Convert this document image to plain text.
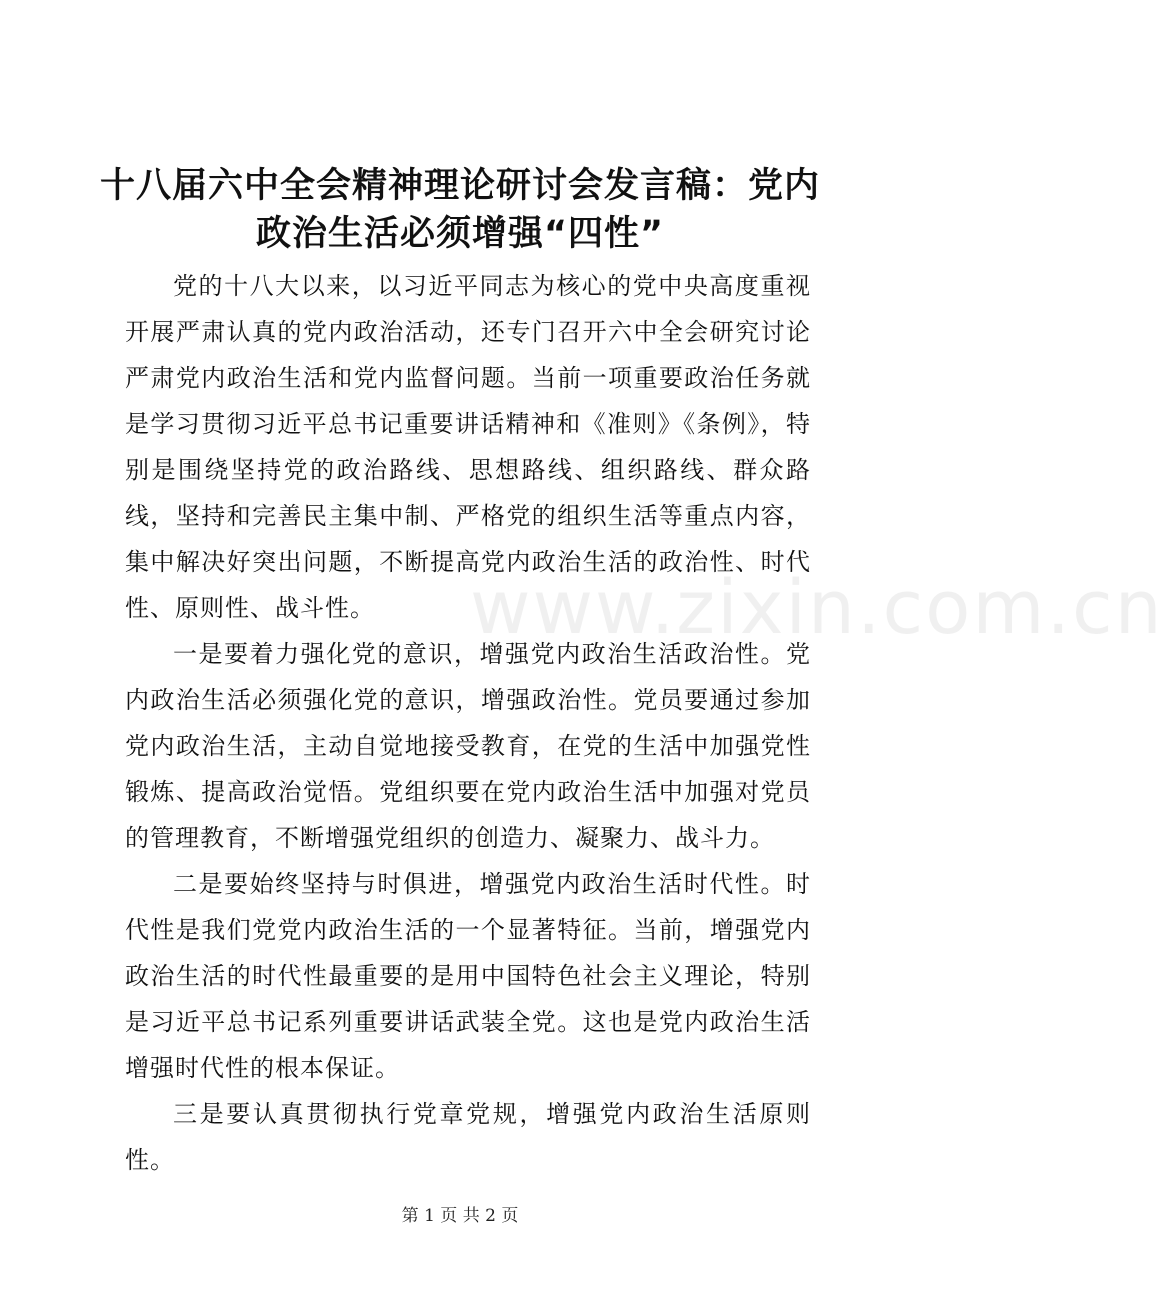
十八届六中全会精神理论研讨会发言稿：党内政治生活必须增强“四性”

党的十八大以来，以习近平同志为核心的党中央高度重视开展严肃认真的党内政治活动，还专门召开六中全会研究讨论严肃党内政治生活和党内监督问题。当前一项重要政治任务就是学习贯彻习近平总书记重要讲话精神和《准则》《条例》，特别是围绕坚持党的政治路线、思想路线、组织路线、群众路线，坚持和完善民主集中制、严格党的组织生活等重点内容，集中解决好突出问题，不断提高党内政治生活的政治性、时代性、原则性、战斗性。

一是要着力强化党的意识，增强党内政治生活政治性。党内政治生活必须强化党的意识，增强政治性。党员要通过参加党内政治生活，主动自觉地接受教育，在党的生活中加强党性锻炼、提高政治觉悟。党组织要在党内政治生活中加强对党员的管理教育，不断增强党组织的创造力、凝聚力、战斗力。

二是要始终坚持与时俱进，增强党内政治生活时代性。时代性是我们党党内政治生活的一个显著特征。当前，增强党内政治生活的时代性最重要的是用中国特色社会主义理论，特别是习近平总书记系列重要讲话武装全党。这也是党内政治生活增强时代性的根本保证。

三是要认真贯彻执行党章党规，增强党内政治生活原则性。

www.zixin.com.cn
第 1 页 共 2 页
